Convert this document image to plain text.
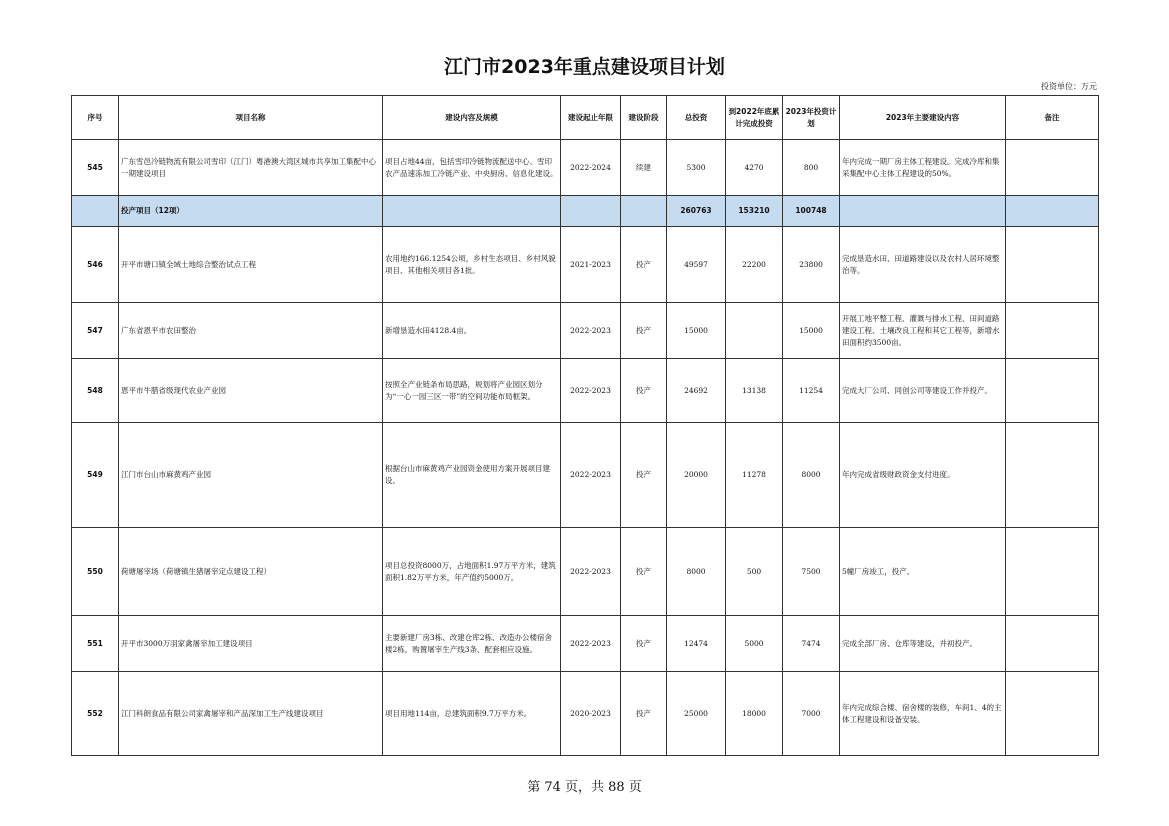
江门市2023年重点建设项目计划
投资单位：万元
序号	项目名称	建设内容及规模	建设起止年限	建设阶段	总投资	到2022年底累计完成投资	2023年投资计划	2023年主要建设内容	备注
545	广东雪邑冷链物流有限公司雪印（江门）粤港澳大湾区城市共享加工集配中心一期建设项目	项目占地44亩，包括雪印冷链物流配送中心、雪印农产品速冻加工冷链产业、中央厨房、信息化建设。	2022-2024	续建	5300	4270	800	年内完成一期厂房主体工程建设。完成冷库和集采集配中心主体工程建设的50%。	
	投产项目（12项）				260763	153210	100748		
546	开平市塘口镇全域土地综合整治试点工程	农用地约166.1254公顷，乡村生态项目、乡村风貌项目、其他相关项目各1批。	2021-2023	投产	49597	22200	23800	完成垦造水田、田道路建设以及农村人居环境整治等。	
547	广东省恩平市农田整治	新增垦造水田4128.4亩。	2022-2023	投产	15000		15000	开展工地平整工程、灌溉与排水工程、田间道路建设工程、土壤改良工程和其它工程等，新增水田面积约3500亩。	
548	恩平市牛腊省级现代农业产业园	按照全产业链条布局思路，规划将产业园区划分为“一心一园三区一带”的空间功能布局框架。	2022-2023	投产	24692	13138	11254	完成大厂公司、同创公司等建设工作并投产。	
549	江门市台山市麻黄鸡产业园	根据台山市麻黄鸡产业园资金使用方案开展项目建设。	2022-2023	投产	20000	11278	8000	年内完成省级财政资金支付进度。	
550	荷塘屠宰场（荷塘镇生猪屠宰定点建设工程）	项目总投资8000万，占地面积1.97万平方米，建筑面积1.82万平方米，年产值约5000万。	2022-2023	投产	8000	500	7500	5幢厂房竣工，投产。	
551	开平市3000万羽家禽屠宰加工建设项目	主要新建厂房3栋、改建仓库2栋、改造办公楼宿舍楼2栋，购置屠宰生产线3条、配套相应设施。	2022-2023	投产	12474	5000	7474	完成全部厂房、仓库等建设，并初投产。	
552	江门科朗食品有限公司家禽屠宰和产品深加工生产线建设项目	项目用地114亩，总建筑面积9.7万平方米。	2020-2023	投产	25000	18000	7000	年内完成综合楼、宿舍楼的装修，车间1、4的主体工程建设和设备安装。	
第 74 页，共 88 页
